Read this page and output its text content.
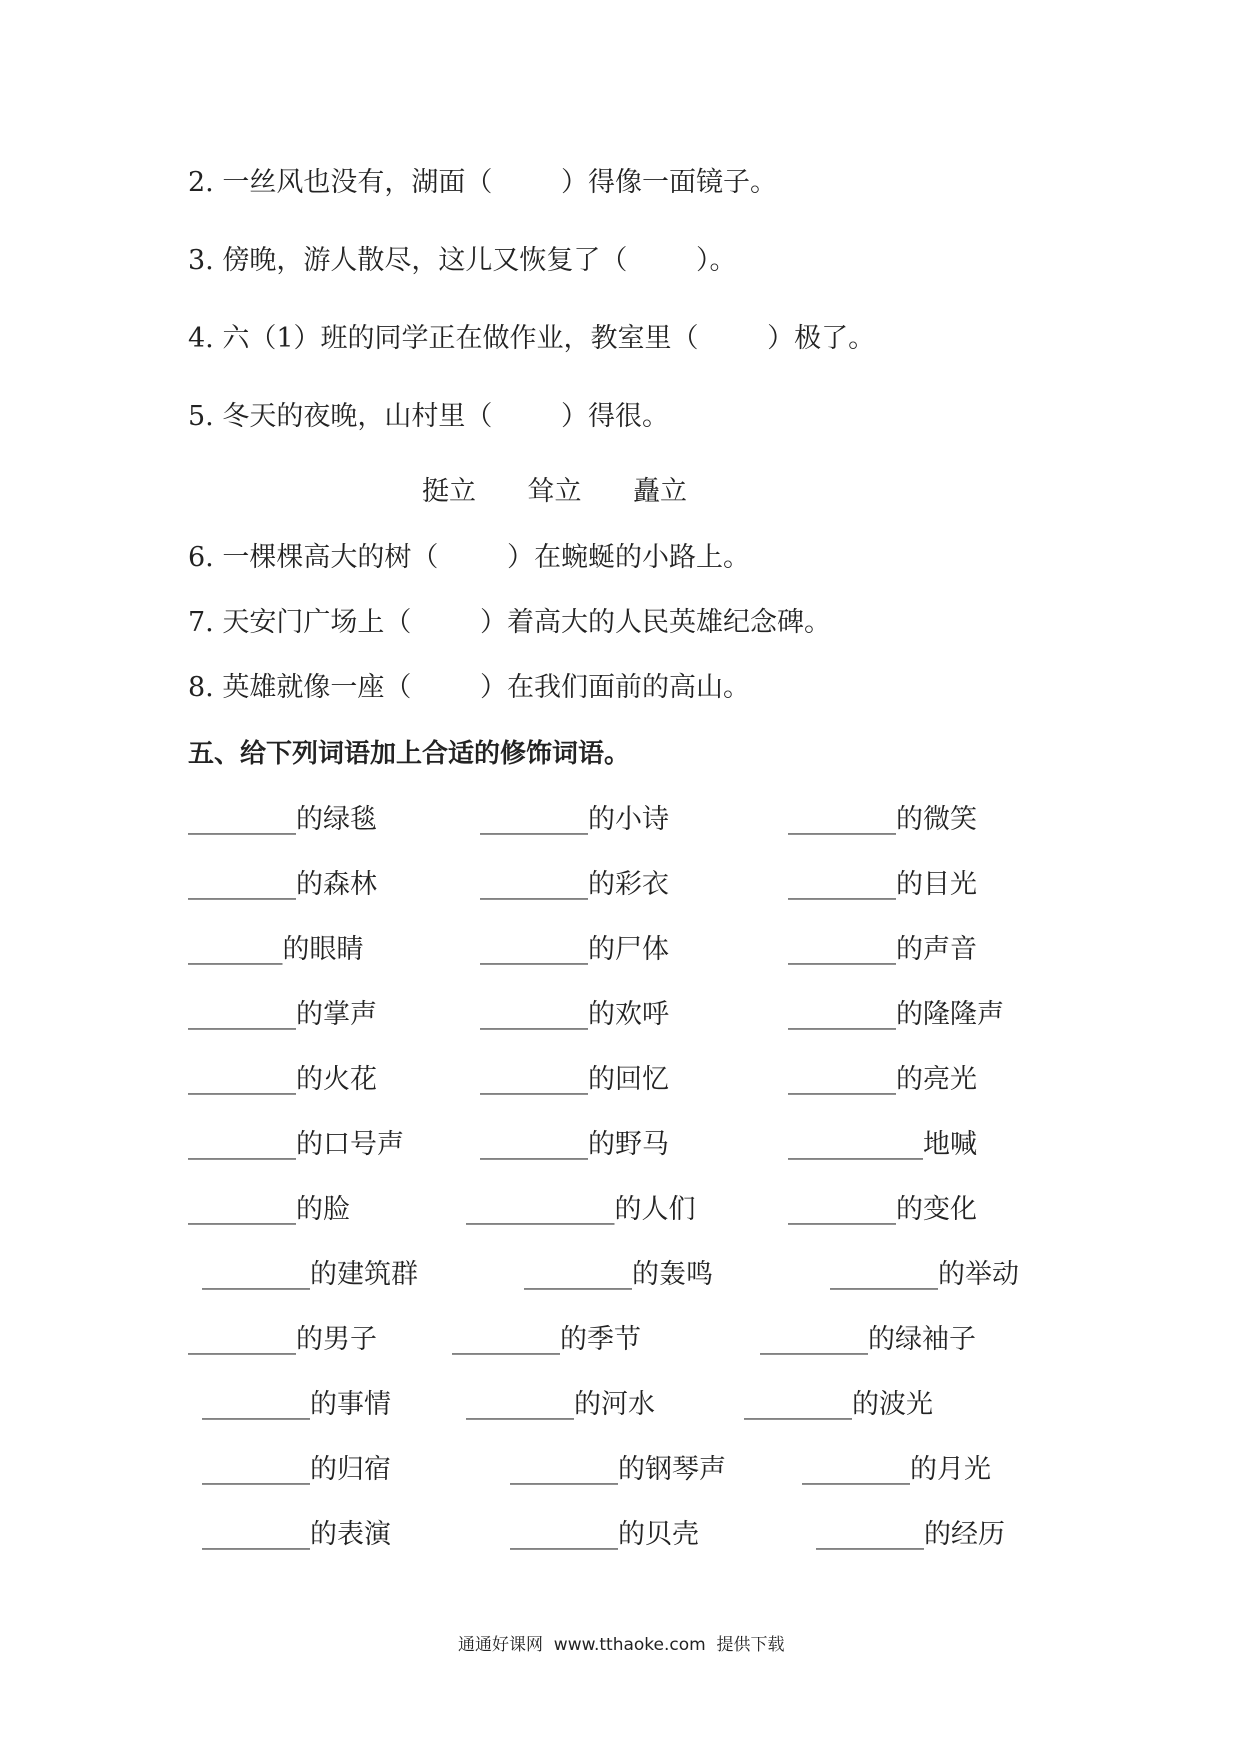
2. 一丝风也没有，湖面（        ）得像一面镜子。
3. 傍晚，游人散尽，这儿又恢复了（        ）。
4. 六（1）班的同学正在做作业，教室里（        ）极了。
5. 冬天的夜晚，山村里（        ）得很。
挺立      耸立      矗立
6. 一棵棵高大的树（        ）在蜿蜒的小路上。
7. 天安门广场上（        ）着高大的人民英雄纪念碑。
8. 英雄就像一座（        ）在我们面前的高山。
五、给下列词语加上合适的修饰词语。
________的绿毯	________的小诗	________的微笑
________的森林	________的彩衣	________的目光
_______的眼睛	________的尸体	________的声音
________的掌声	________的欢呼	________的隆隆声
________的火花	________的回忆	________的亮光
________的口号声	________的野马	__________地喊
________的脸	___________的人们	________的变化
________的建筑群	________的轰鸣	________的举动
________的男子	________的季节	________的绿袖子
________的事情	________的河水	________的波光
________的归宿	________的钢琴声	________的月光
________的表演	________的贝壳	________的经历
通通好课网  www.tthaoke.com  提供下载
